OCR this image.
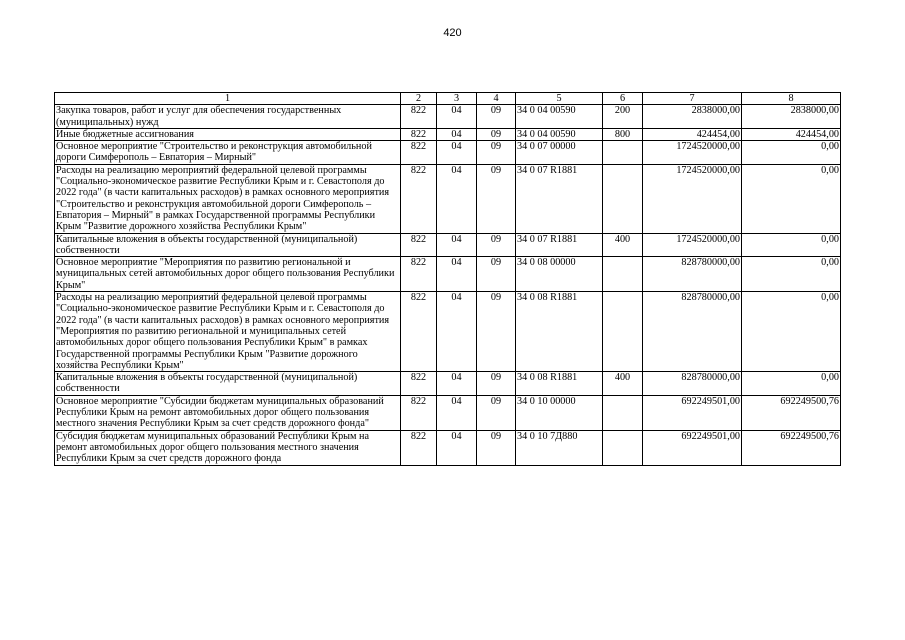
420
1	2	3	4	5	6	7	8
Закупка товаров, работ и услуг для обеспечения государственных (муниципальных) нужд	822	04	09	34 0 04 00590	200	2838000,00	2838000,00
Иные бюджетные ассигнования	822	04	09	34 0 04 00590	800	424454,00	424454,00
Основное мероприятие "Строительство и реконструкция автомобильной дороги Симферополь – Евпатория – Мирный"	822	04	09	34 0 07 00000		1724520000,00	0,00
Расходы на реализацию мероприятий федеральной целевой программы "Социально-экономическое развитие Республики Крым и г. Севастополя до 2022 года" (в части капитальных расходов) в рамках основного мероприятия "Строительство и реконструкция автомобильной дороги Симферополь – Евпатория – Мирный" в рамках Государственной программы Республики Крым "Развитие дорожного хозяйства Республики Крым"	822	04	09	34 0 07 R1881		1724520000,00	0,00
Капитальные вложения в объекты государственной (муниципальной) собственности	822	04	09	34 0 07 R1881	400	1724520000,00	0,00
Основное мероприятие "Мероприятия по развитию региональной и муниципальных сетей автомобильных дорог общего пользования Республики Крым"	822	04	09	34 0 08 00000		828780000,00	0,00
Расходы на реализацию мероприятий федеральной целевой программы "Социально-экономическое развитие Республики Крым и г. Севастополя до 2022 года" (в части капитальных расходов) в рамках основного мероприятия "Мероприятия по развитию региональной и муниципальных сетей автомобильных дорог общего пользования Республики Крым" в рамках Государственной программы Республики Крым "Развитие дорожного хозяйства Республики Крым"	822	04	09	34 0 08 R1881		828780000,00	0,00
Капитальные вложения в объекты государственной (муниципальной) собственности	822	04	09	34 0 08 R1881	400	828780000,00	0,00
Основное мероприятие "Субсидии бюджетам муниципальных образований Республики Крым на ремонт автомобильных дорог общего пользования местного значения Республики Крым за счет средств дорожного фонда"	822	04	09	34 0 10 00000		692249501,00	692249500,76
Субсидия бюджетам муниципальных образований Республики Крым на ремонт автомобильных дорог общего пользования местного значения Республики Крым за счет средств дорожного фонда	822	04	09	34 0 10 7Д880		692249501,00	692249500,76
